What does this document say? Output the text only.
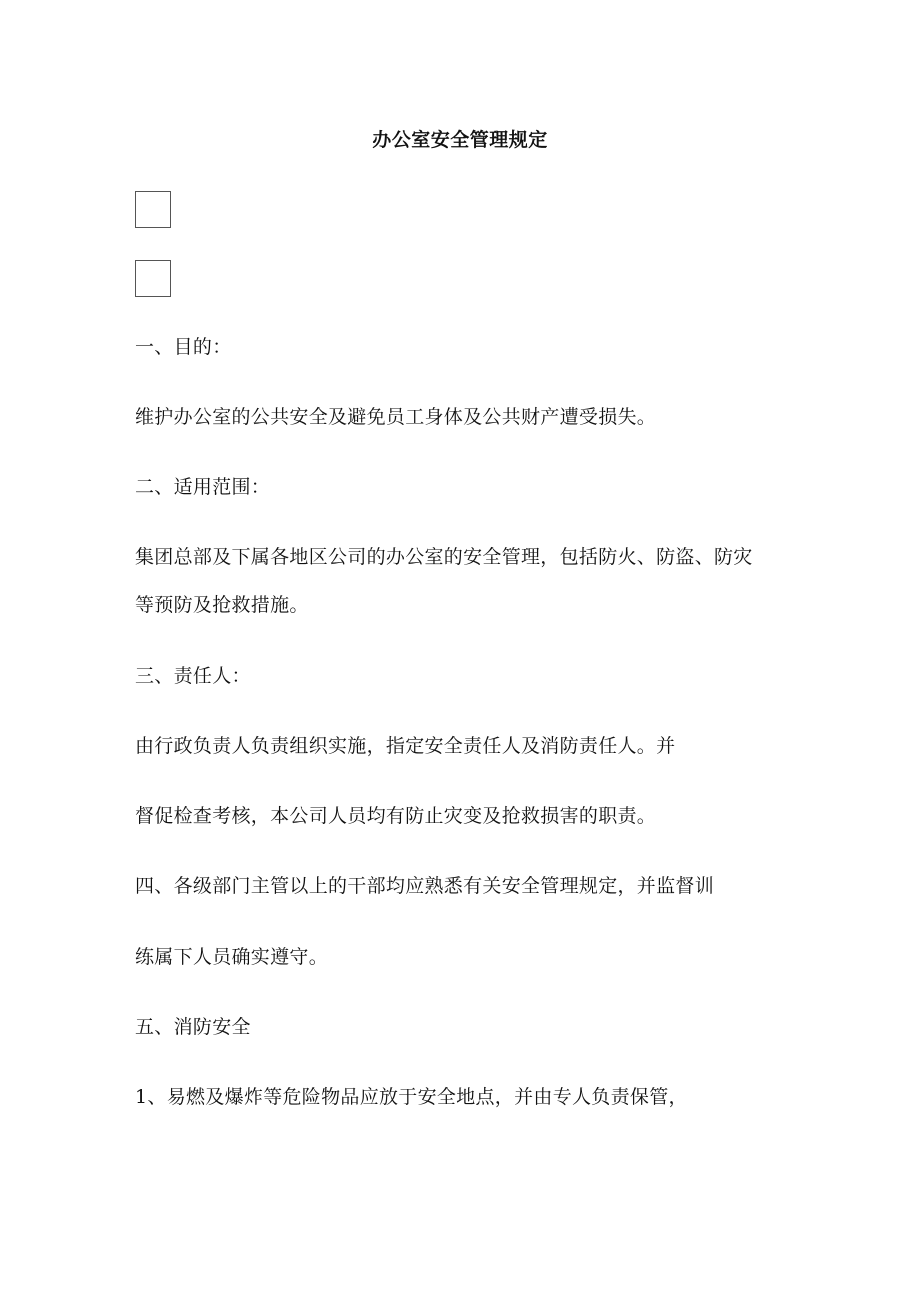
办公室安全管理规定
一、目的：
维护办公室的公共安全及避免员工身体及公共财产遭受损失。
二、适用范围：
集团总部及下属各地区公司的办公室的安全管理，包括防火、防盗、防灾
等预防及抢救措施。
三、责任人：
由行政负责人负责组织实施，指定安全责任人及消防责任人。并
督促检查考核，本公司人员均有防止灾变及抢救损害的职责。
四、各级部门主管以上的干部均应熟悉有关安全管理规定，并监督训
练属下人员确实遵守。
五、消防安全
1、易燃及爆炸等危险物品应放于安全地点，并由专人负责保管，
